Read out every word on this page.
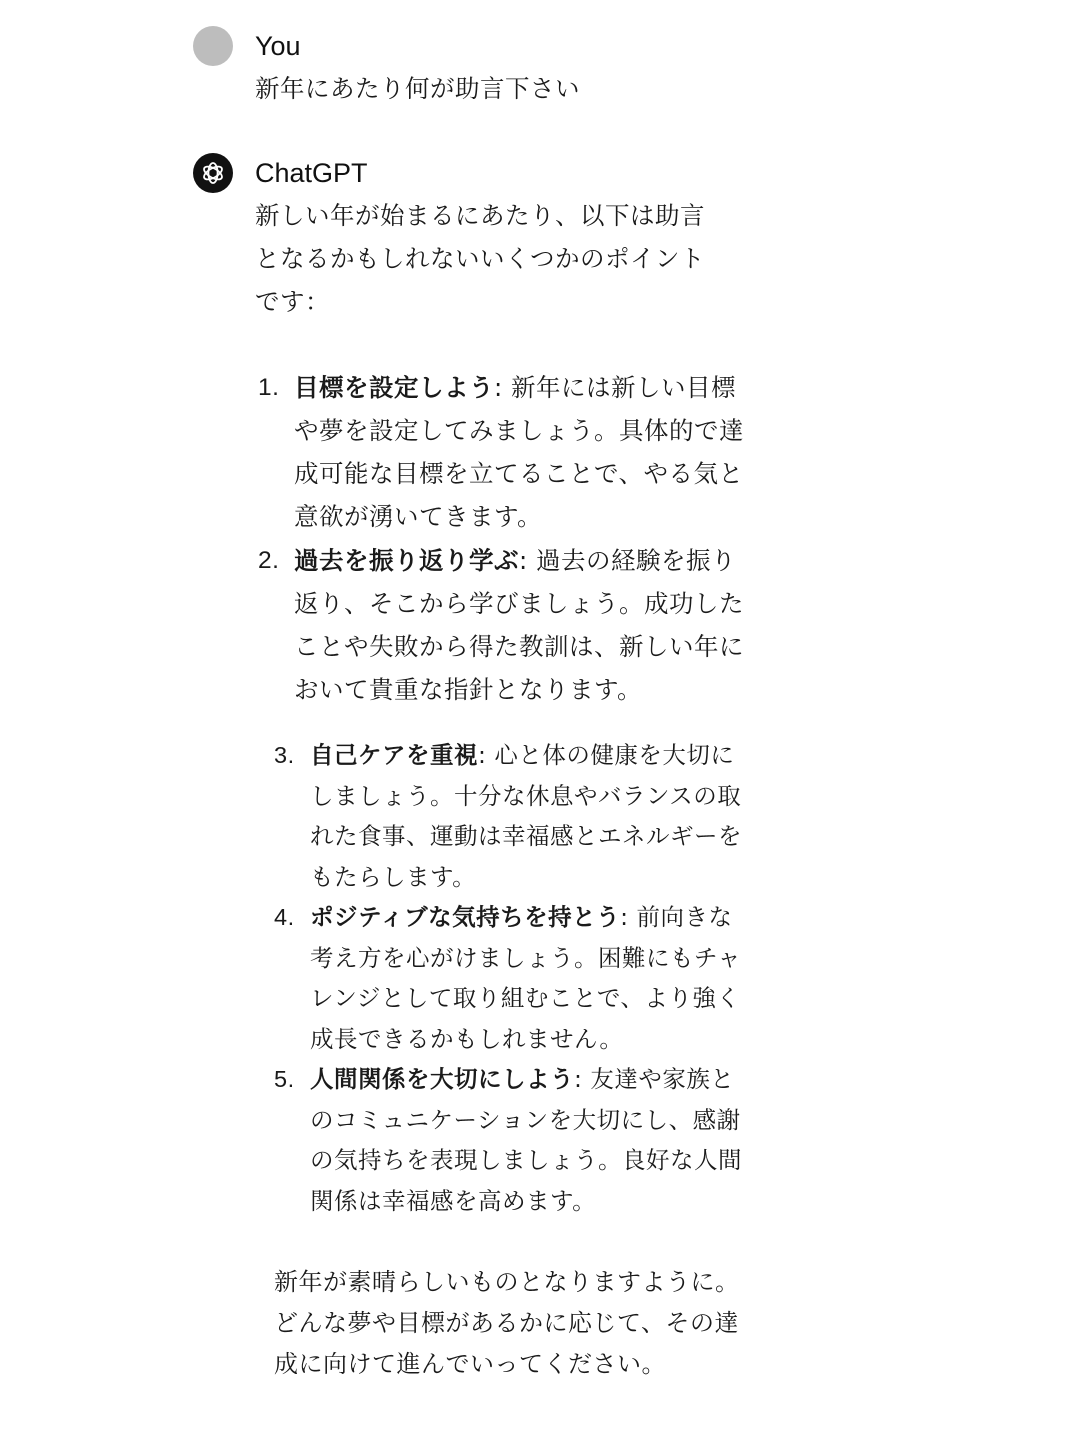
You
新年にあたり何が助言下さい
ChatGPT
新しい年が始まるにあたり、以下は助言
となるかもしれないいくつかのポイント
です：
1. 目標を設定しよう: 新年には新しい目標
や夢を設定してみましょう。具体的で達
成可能な目標を立てることで、やる気と
意欲が湧いてきます。
2. 過去を振り返り学ぶ: 過去の経験を振り
返り、そこから学びましょう。成功した
ことや失敗から得た教訓は、新しい年に
おいて貴重な指針となります。
3. 自己ケアを重視: 心と体の健康を大切に
しましょう。十分な休息やバランスの取
れた食事、運動は幸福感とエネルギーを
もたらします。
4. ポジティブな気持ちを持とう: 前向きな
考え方を心がけましょう。困難にもチャ
レンジとして取り組むことで、より強く
成長できるかもしれません。
5. 人間関係を大切にしよう: 友達や家族と
のコミュニケーションを大切にし、感謝
の気持ちを表現しましょう。良好な人間
関係は幸福感を高めます。
新年が素晴らしいものとなりますように。
どんな夢や目標があるかに応じて、その達
成に向けて進んでいってください。
